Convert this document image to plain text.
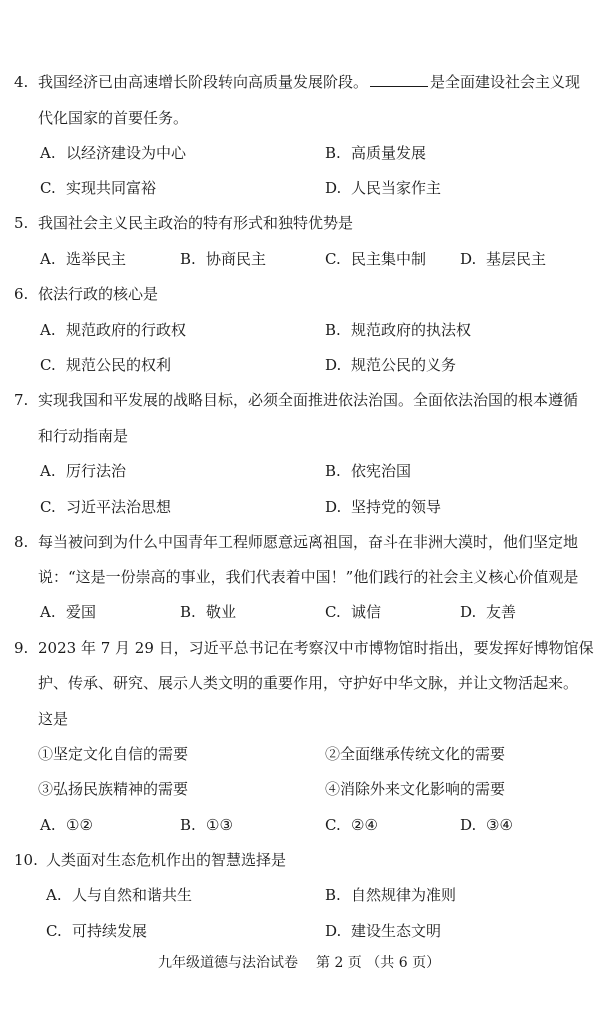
4. 我国经济已由高速增长阶段转向高质量发展阶段。	是全面建设社会主义现
代化国家的首要任务。
A. 以经济建设为中心	B. 高质量发展
C. 实现共同富裕	D. 人民当家作主
5. 我国社会主义民主政治的特有形式和独特优势是
A. 选举民主	B. 协商民主	C. 民主集中制 D. 基层民主
6. 依法行政的核心是
A. 规范政府的行政权	B. 规范政府的执法权
C. 规范公民的权利	D. 规范公民的义务
7. 实现我国和平发展的战略目标，必须全面推进依法治国。全面依法治国的根本遵循
和行动指南是
A. 厉行法治	B. 依宪治国
C. 习近平法治思想	D. 坚持党的领导
8. 每当被问到为什么中国青年工程师愿意远离祖国，奋斗在非洲大漠时，他们坚定地
说：“这是一份崇高的事业，我们代表着中国！”他们践行的社会主义核心价值观是
A. 爱国	B. 敬业	C. 诚信	D. 友善
9. 2023 年 7 月 29 日，习近平总书记在考察汉中市博物馆时指出，要发挥好博物馆保
护、传承、研究、展示人类文明的重要作用，守护好中华文脉，并让文物活起来。
这是
①坚定文化自信的需要	②全面继承传统文化的需要
③弘扬民族精神的需要	④消除外来文化影响的需要
A. ①②	B. ①③	C. ②④	D. ③④
10. 人类面对生态危机作出的智慧选择是
A. 人与自然和谐共生	B. 自然规律为准则
C. 可持续发展	D. 建设生态文明
九年级道德与法治试卷 第 2 页 （共 6 页）
